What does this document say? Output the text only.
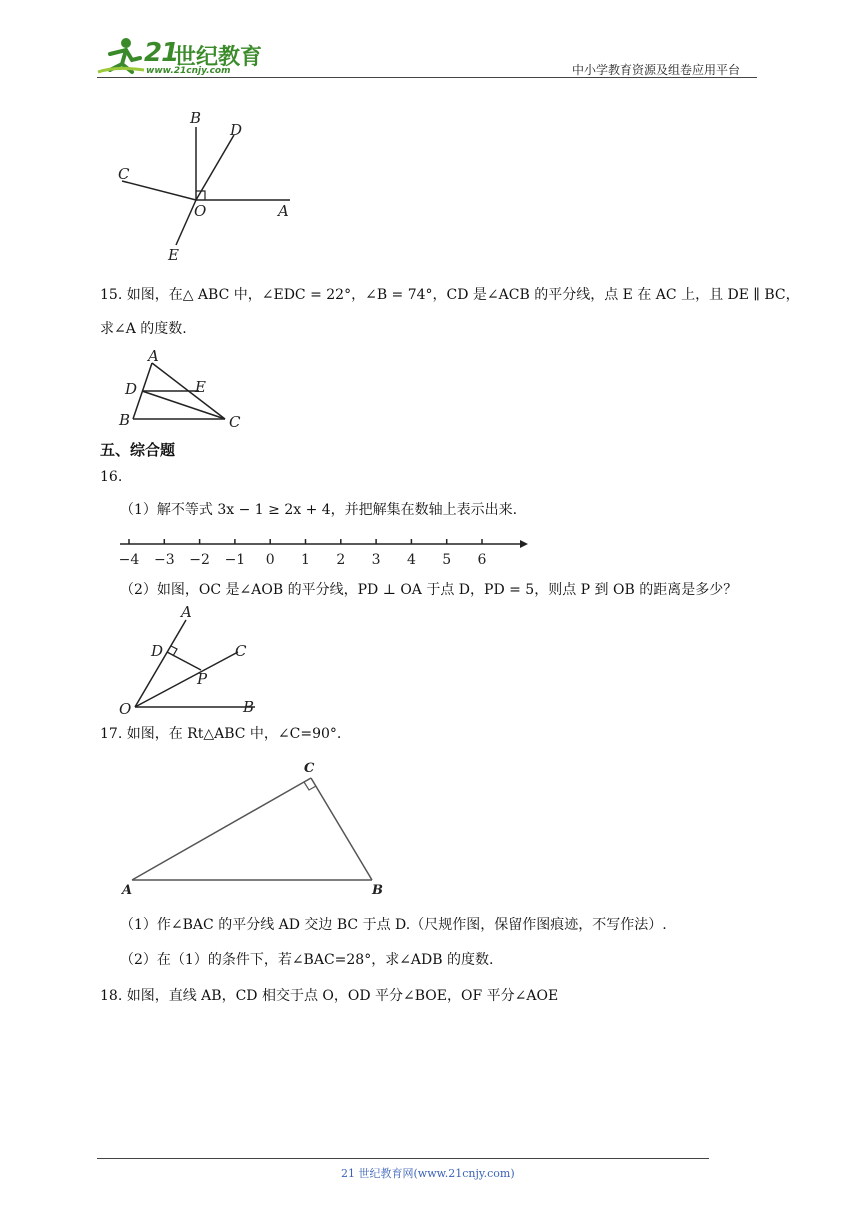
21
世纪教育
www.21cnjy.com	中小学教育资源及组卷应用平台
B
D
C
O	A
E
15. 如图，在△ ABC 中，∠EDC = 22°，∠B = 74°，CD 是∠ACB 的平分线，点 E 在 AC 上，且 DE ∥ BC，
求∠A 的度数.
A
D	E
B	C
五、综合题
16.
（1）解不等式 3x − 1 ≥ 2x + 4，并把解集在数轴上表示出来.
−4 −3 −2 −1 0 1 2 3 4 5 6
（2）如图，OC 是∠AOB 的平分线，PD ⊥ OA 于点 D，PD = 5，则点 P 到 OB 的距离是多少？
A
D	C
P
O	B
17. 如图，在 Rt△ABC 中，∠C=90°.
C
A	B
（1）作∠BAC 的平分线 AD 交边 BC 于点 D.（尺规作图，保留作图痕迹，不写作法）.
（2）在（1）的条件下，若∠BAC=28°，求∠ADB 的度数.
18. 如图，直线 AB，CD 相交于点 O，OD 平分∠BOE，OF 平分∠AOE
21 世纪教育网(www.21cnjy.com)
